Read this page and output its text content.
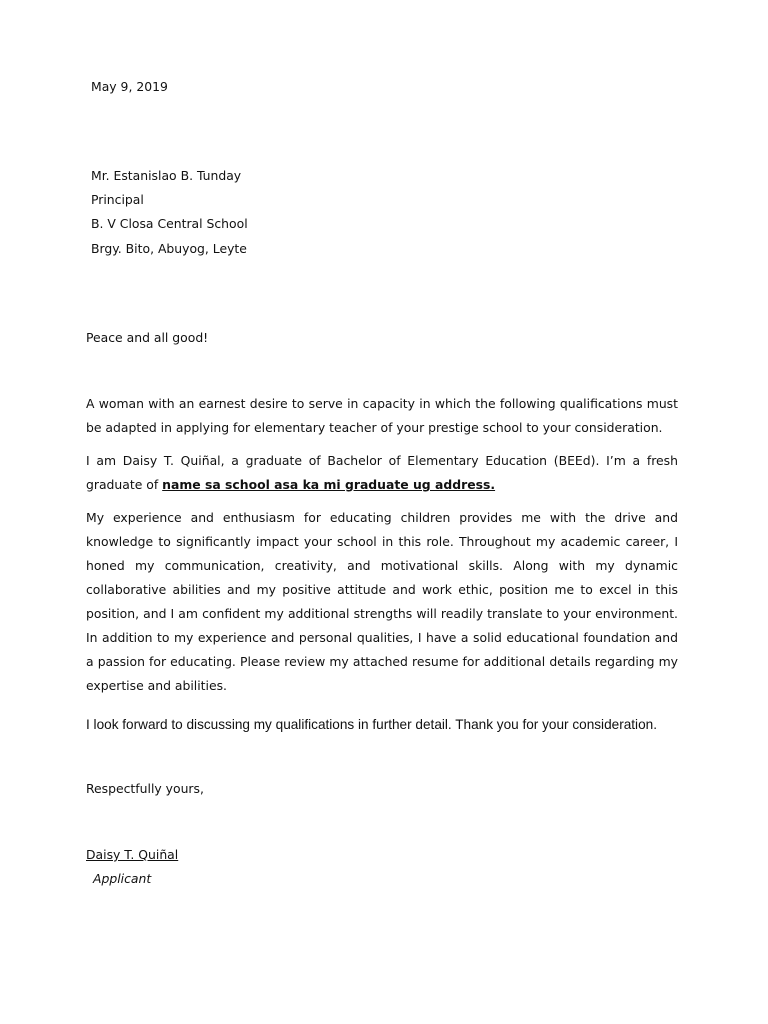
May 9, 2019

Mr. Estanislao B. Tunday

Principal

B. V Closa Central School

Brgy. Bito, Abuyog, Leyte

Peace and all good!

A woman with an earnest desire to serve in capacity in which the following qualifications must be adapted in applying for elementary teacher of your prestige school to your consideration.

I am Daisy T. Quiñal, a graduate of Bachelor of Elementary Education (BEEd). I’m a fresh graduate of name sa school asa ka mi graduate ug address.

My experience and enthusiasm for educating children provides me with the drive and knowledge to significantly impact your school in this role. Throughout my academic career, I honed my communication, creativity, and motivational skills. Along with my dynamic collaborative abilities and my positive attitude and work ethic, position me to excel in this position, and I am confident my additional strengths will readily translate to your environment. In addition to my experience and personal qualities, I have a solid educational foundation and a passion for educating. Please review my attached resume for additional details regarding my expertise and abilities.

I look forward to discussing my qualifications in further detail. Thank you for your consideration.

Respectfully yours,

Daisy T. Quiñal

Applicant
